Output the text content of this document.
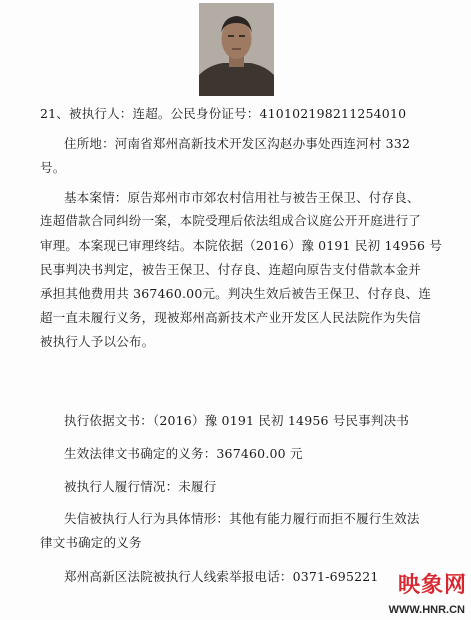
21、被执行人：连超。公民身份证号：410102198211254010
住所地：河南省郑州高新技术开发区沟赵办事处西连河村 332
号。
基本案情：原告郑州市市郊农村信用社与被告王保卫、付存良、
连超借款合同纠纷一案，本院受理后依法组成合议庭公开开庭进行了
审理。本案现已审理终结。本院依据（2016）豫 0191 民初 14956 号
民事判决书判定，被告王保卫、付存良、连超向原告支付借款本金并
承担其他费用共 367460.00元。判决生效后被告王保卫、付存良、连
超一直未履行义务，现被郑州高新技术产业开发区人民法院作为失信
被执行人予以公布。
执行依据文书：（2016）豫 0191 民初 14956 号民事判决书
生效法律文书确定的义务：367460.00 元
被执行人履行情况：未履行
失信被执行人行为具体情形：其他有能力履行而拒不履行生效法
律文书确定的义务
郑州高新区法院被执行人线索举报电话：0371-695221 映象网
WWW.HNR.CN
